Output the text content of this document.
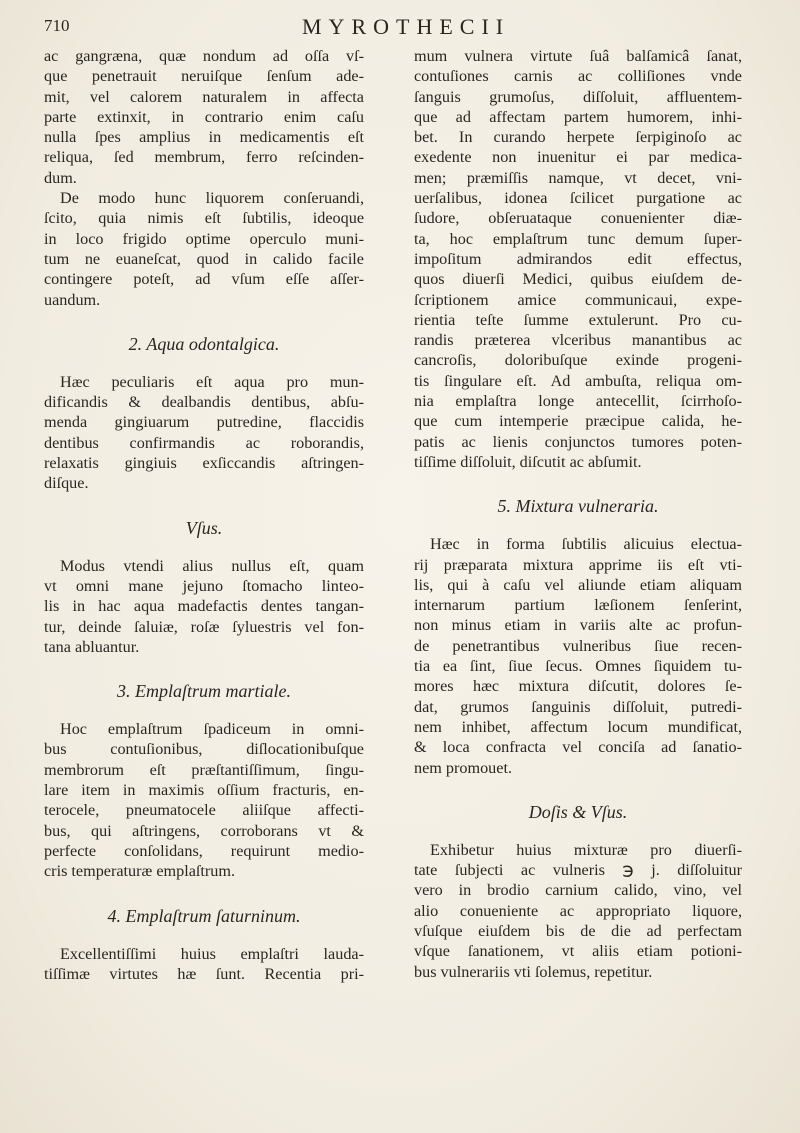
710	MYROTHECII
ac gangrӕna, quӕ nondum ad oſſa vſ-
que penetrauit neruiſque ſenſum ade-
mit, vel calorem naturalem in affecta
parte extinxit, in contrario enim caſu
nulla ſpes amplius in medicamentis eſt
reliqua, ſed membrum, ferro reſcinden-
dum.
De modo hunc liquorem conſeruandi,
ſcito, quia nimis eſt ſubtilis, ideoque
in loco frigido optime operculo muni-
tum ne euaneſcat, quod in calido facile
contingere poteſt, ad vſum eſſe aſſer-
uandum.
2. Aqua odontalgica.
Hӕc peculiaris eſt aqua pro mun-
dificandis & dealbandis dentibus, abſu-
menda gingiuarum putredine, flaccidis
dentibus confirmandis ac roborandis,
relaxatis gingiuis exſiccandis aſtringen-
diſque.
Vſus.
Modus vtendi alius nullus eſt, quam
vt omni mane jejuno ſtomacho linteo-
lis in hac aqua madefactis dentes tangan-
tur, deinde ſaluiӕ, roſӕ ſyluestris vel fon-
tana abluantur.
3. Emplaſtrum martiale.
Hoc emplaſtrum ſpadiceum in omni-
bus contuſionibus, diſlocationibuſque
membrorum eſt prӕſtantiſſimum, ſingu-
lare item in maximis oſſium fracturis, en-
terocele, pneumatocele aliiſque affecti-
bus, qui aſtringens, corroborans vt &
perfecte conſolidans, requirunt medio-
cris temperaturӕ emplaſtrum.
4. Emplaſtrum ſaturninum.
Excellentiſſimi huius emplaſtri lauda-
tiſſimӕ virtutes hӕ ſunt. Recentia pri-
mum vulnera virtute ſuâ balſamicâ ſanat,
contuſiones carnis ac colliſiones vnde
ſanguis grumoſus, diſſoluit, affluentem-
que ad affectam partem humorem, inhi-
bet. In curando herpete ſerpiginoſo ac
exedente non inuenitur ei par medica-
men; prӕmiſſis namque, vt decet, vni-
uerſalibus, idonea ſcilicet purgatione ac
ſudore, obſeruataque conuenienter diӕ-
ta, hoc emplaſtrum tunc demum ſuper-
impoſitum admirandos edit effectus,
quos diuerſi Medici, quibus eiuſdem de-
ſcriptionem amice communicaui, expe-
rientia teſte ſumme extulerunt. Pro cu-
randis prӕterea vlceribus manantibus ac
cancroſis, doloribuſque exinde progeni-
tis ſingulare eſt. Ad ambuſta, reliqua om-
nia emplaſtra longe antecellit, ſcirrhoſo-
que cum intemperie prӕcipue calida, he-
patis ac lienis conjunctos tumores poten-
tiſſime diſſoluit, diſcutit ac abſumit.
5. Mixtura vulneraria.
Hӕc in forma ſubtilis alicuius electua-
rij prӕparata mixtura apprime iis eſt vti-
lis, qui à caſu vel aliunde etiam aliquam
internarum partium lӕſionem ſenſerint,
non minus etiam in variis alte ac profun-
de penetrantibus vulneribus ſiue recen-
tia ea ſint, ſiue ſecus. Omnes ſiquidem tu-
mores hӕc mixtura diſcutit, dolores ſe-
dat, grumos ſanguinis diſſoluit, putredi-
nem inhibet, affectum locum mundificat,
& loca confracta vel conciſa ad ſanatio-
nem promouet.
Doſis & Vſus.
Exhibetur huius mixturӕ pro diuerſi-
tate ſubjecti ac vulneris ℈ j. diſſoluitur
vero in brodio carnium calido, vino, vel
alio conueniente ac appropriato liquore,
vſuſque eiuſdem bis de die ad perfectam
vſque ſanationem, vt aliis etiam potioni-
bus vulnerariis vti ſolemus, repetitur.
